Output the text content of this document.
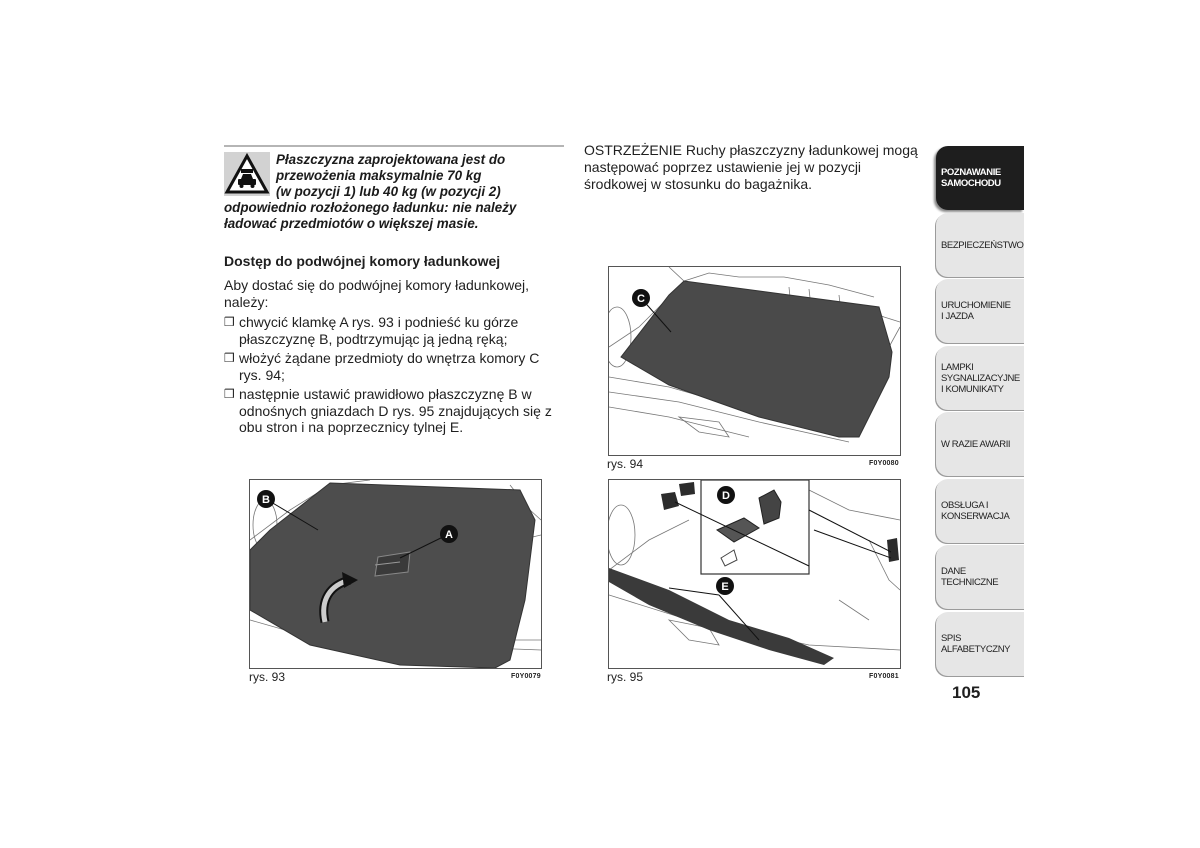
Płaszczyzna zaprojektowana jest do
przewożenia maksymalnie 70 kg
(w pozycji 1) lub 40 kg (w pozycji 2)
odpowiednio rozłożonego ładunku: nie należy
ładować przedmiotów o większej masie.
Dostęp do podwójnej komory ładunkowej
Aby dostać się do podwójnej komory ładunkowej, należy:
❒ chwycić klamkę A rys. 93 i podnieść ku górze płaszczyznę B, podtrzymując ją jedną ręką;
❒ włożyć żądane przedmioty do wnętrza komory C rys. 94;
❒ następnie ustawić prawidłowo płaszczyznę B w odnośnych gniazdach D rys. 95 znajdujących się z obu stron i na poprzecznicy tylnej E.
OSTRZEŻENIE Ruchy płaszczyzny ładunkowej mogą następować poprzez ustawienie jej w pozycji środkowej w stosunku do bagażnika.
C
rys. 94	F0Y0080
B
A
rys. 93	F0Y0079
D
E
rys. 95	F0Y0081
POZNAWANIE SAMOCHODU
BEZPIECZEŃSTWO
URUCHOMIENIE I JAZDA
LAMPKI SYGNALIZACYJNE I KOMUNIKATY
W RAZIE AWARII
OBSŁUGA I KONSERWACJA
DANE TECHNICZNE
SPIS ALFABETYCZNY
105
